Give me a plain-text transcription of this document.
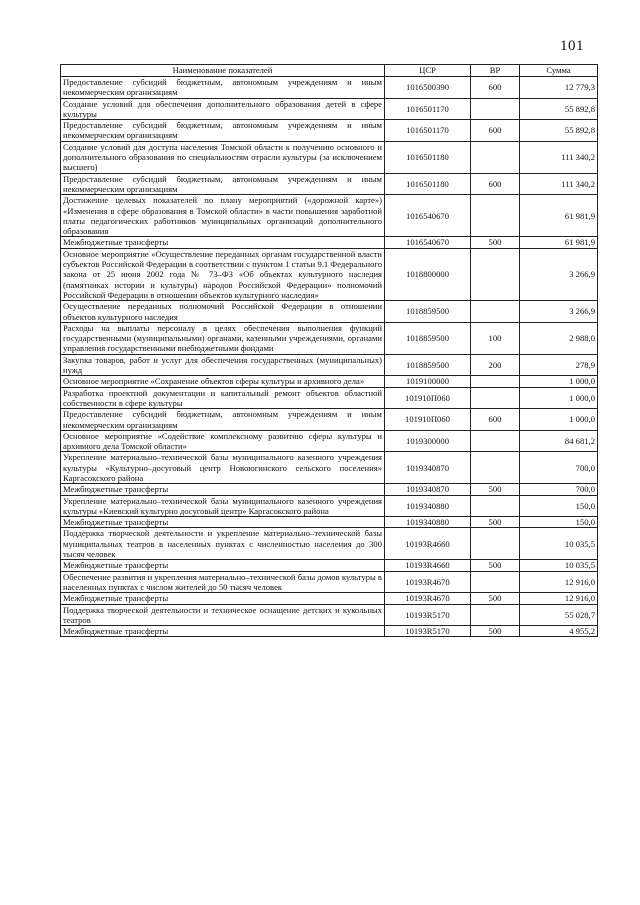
101
Наименование показателей	ЦСР	ВР	Сумма
Предоставление субсидий бюджетным, автономным учреждениям и иным некоммерческим организациям	1016500390	600	12 779,3
Создание условий для обеспечения дополнительного образования детей в сфере культуры	1016501170		55 892,8
Предоставление субсидий бюджетным, автономным учреждениям и иным некоммерческим организациям	1016501170	600	55 892,8
Создание условий для доступа населения Томской области к получению основного и дополнительного образования по специальностям отрасли культуры (за исключением высшего)	1016501180		111 340,2
Предоставление субсидий бюджетным, автономным учреждениям и иным некоммерческим организациям	1016501180	600	111 340,2
Достижение целевых показателей по плану мероприятий («дорожной карте») «Изменения в сфере образования в Томской области» в части повышения заработной платы педагогических работников муниципальных организаций дополнительного образования	1016540670		61 981,9
Межбюджетные трансферты	1016540670	500	61 981,9
Основное мероприятие «Осуществление переданных органам государственной власти субъектов Российской Федерации в соответствии с пунктом 1 статьи 9.1 Федерального закона от 25 июня 2002 года № 73–ФЗ «Об объектах культурного наследия (памятниках истории и культуры) народов Российской Федерации» полномочий Российской Федерации в отношении объектов культурного наследия»	1018800000		3 266,9
Осуществление переданных полномочий Российской Федерации в отношении объектов культурного наследия	1018859500		3 266,9
Расходы на выплаты персоналу в целях обеспечения выполнения функций государственными (муниципальными) органами, казенными учреждениями, органами управления государственными внебюджетными фондами	1018859500	100	2 988,0
Закупка товаров, работ и услуг для обеспечения государственных (муниципальных) нужд	1018859500	200	278,9
Основное мероприятие «Сохранение объектов сферы культуры и архивного дела»	1019100000		1 000,0
Разработка проектной документации и капитальный ремонт объектов областной собственности в сфере культуры	101910П060		1 000,0
Предоставление субсидий бюджетным, автономным учреждениям и иным некоммерческим организациям	101910П060	600	1 000,0
Основное мероприятие «Содействие комплексному развитию сферы культуры и архивного дела Томской области»	1019300000		84 681,2
Укрепление материально–технической базы муниципального казенного учреждения культуры «Культурно–досуговый центр Новоюгинского сельского поселения» Каргасокского района	1019340870		700,0
Межбюджетные трансферты	1019340870	500	700,0
Укрепление материально–технической базы муниципального казенного учреждения культуры «Киевский культурно досуговый центр» Каргасокского района	1019340880		150,0
Межбюджетные трансферты	1019340880	500	150,0
Поддержка творческой деятельности и укрепление материально–технической базы муниципальных театров в населенных пунктах с численностью населения до 300 тысяч человек	10193R4660		10 035,5
Межбюджетные трансферты	10193R4660	500	10 035,5
Обеспечение развития и укрепления материально–технической базы домов культуры в населенных пунктах с числом жителей до 50 тысяч человек	10193R4670		12 916,0
Межбюджетные трансферты	10193R4670	500	12 916,0
Поддержка творческой деятельности и техническое оснащение детских и кукольных театров	10193R5170		55 028,7
Межбюджетные трансферты	10193R5170	500	4 955,2
